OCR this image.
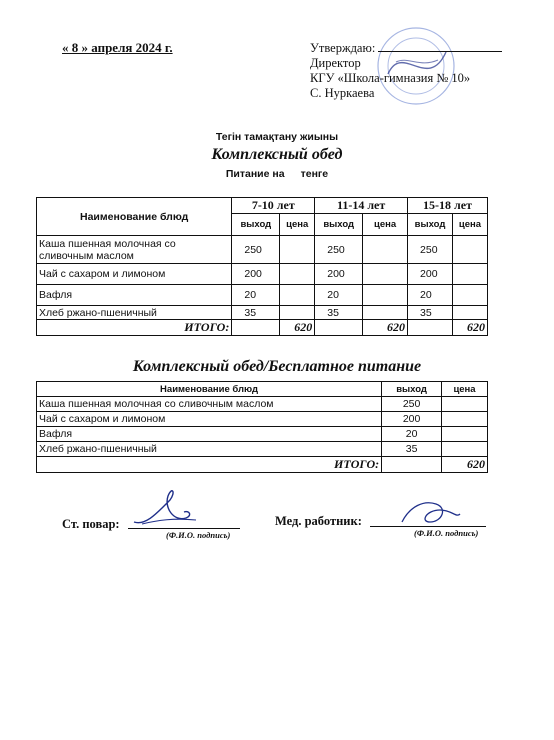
« 8 » апреля 2024 г.	Утверждаю:
Директор
КГУ «Школа-гимназия № 10»
С. Нуркаева
Тегін тамақтану жиыны
Комплексный обед
Питание на тенге
Наименование блюд	7-10 лет		11-14 лет		15-18 лет	
	выход	цена	выход	цена	выход	цена
Каша пшенная молочная со сливочным маслом	250		250		250	
Чай с сахаром и лимоном	200		200		200	
Вафля	20		20		20	
Хлеб ржано-пшеничный	35		35		35	
ИТОГО:		620		620		620
Комплексный обед/Бесплатное питание
Наименование блюд	выход	цена
Каша пшенная молочная со сливочным маслом	250	
Чай с сахаром и лимоном	200	
Вафля	20	
Хлеб ржано-пшеничный	35	
ИТОГО:		620
Ст. повар:
(Ф.И.О. подпись)
Мед. работник:
(Ф.И.О. подпись)
